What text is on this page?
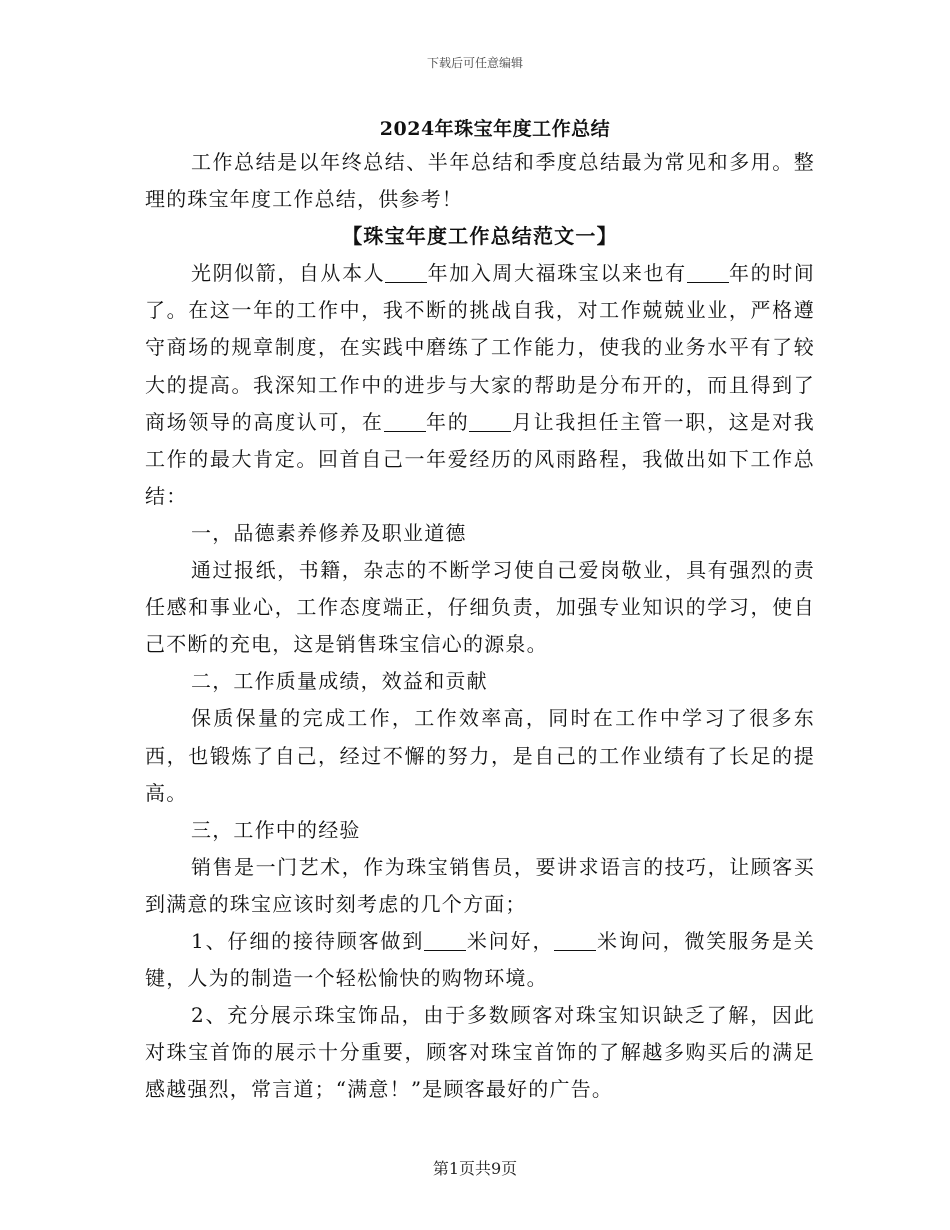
下载后可任意编辑
2024年珠宝年度工作总结

工作总结是以年终总结、半年总结和季度总结最为常见和多用。整理的珠宝年度工作总结，供参考！

【珠宝年度工作总结范文一】

光阴似箭，自从本人 年加入周大福珠宝以来也有 年的时间了。在这一年的工作中，我不断的挑战自我，对工作兢兢业业，严格遵守商场的规章制度，在实践中磨练了工作能力，使我的业务水平有了较大的提高。我深知工作中的进步与大家的帮助是分布开的，而且得到了商场领导的高度认可，在 年的 月让我担任主管一职，这是对我工作的最大肯定。回首自己一年爱经历的风雨路程，我做出如下工作总结：

一，品德素养修养及职业道德

通过报纸，书籍，杂志的不断学习使自己爱岗敬业，具有强烈的责任感和事业心，工作态度端正，仔细负责，加强专业知识的学习，使自己不断的充电，这是销售珠宝信心的源泉。

二，工作质量成绩，效益和贡献

保质保量的完成工作，工作效率高，同时在工作中学习了很多东西，也锻炼了自己，经过不懈的努力，是自己的工作业绩有了长足的提高。

三，工作中的经验

销售是一门艺术，作为珠宝销售员，要讲求语言的技巧，让顾客买到满意的珠宝应该时刻考虑的几个方面；

1、仔细的接待顾客做到 米问好， 米询问，微笑服务是关键，人为的制造一个轻松愉快的购物环境。

2、充分展示珠宝饰品，由于多数顾客对珠宝知识缺乏了解，因此对珠宝首饰的展示十分重要，顾客对珠宝首饰的了解越多购买后的满足感越强烈，常言道；“满意！”是顾客最好的广告。

第1页共9页
